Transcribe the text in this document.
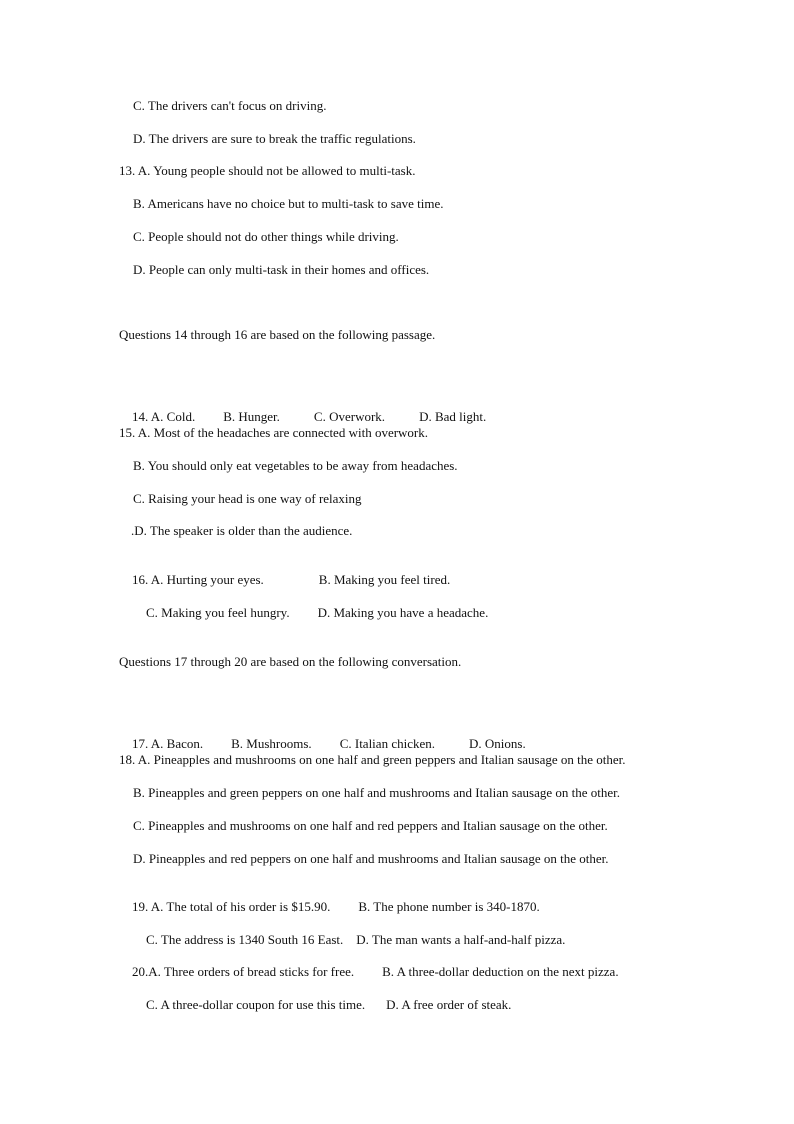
C. The drivers can't focus on driving.
D. The drivers are sure to break the traffic regulations.
13. A. Young people should not be allowed to multi-task.
B. Americans have no choice but to multi-task to save time.
C. People should not do other things while driving.
D. People can only multi-task in their homes and offices.
Questions 14 through 16 are based on the following passage.

14. A. Cold. B. Hunger.	C. Overwork.	D. Bad light.

15. A. Most of the headaches are connected with overwork.
B. You should only eat vegetables to be away from headaches.
C. Raising your head is one way of relaxing
.D. The speaker is older than the audience.

16. A. Hurting your eyes.	B. Making you feel tired.

C. Making you feel hungry. D. Making you have a headache.

Questions 17 through 20 are based on the following conversation.

17. A. Bacon. B. Mushrooms. C. Italian chicken.	D. Onions.

18. A. Pineapples and mushrooms on one half and green peppers and Italian sausage on the other.
B. Pineapples and green peppers on one half and mushrooms and Italian sausage on the other.
C. Pineapples and mushrooms on one half and red peppers and Italian sausage on the other.
D. Pineapples and red peppers on one half and mushrooms and Italian sausage on the other.

19. A. The total of his order is $15.90. B. The phone number is 340-1870.

C. The address is 1340 South 16 East. D. The man wants a half-and-half pizza.

20.A. Three orders of bread sticks for free. B. A three-dollar deduction on the next pizza.

C. A three-dollar coupon for use this time. D. A free order of steak.
